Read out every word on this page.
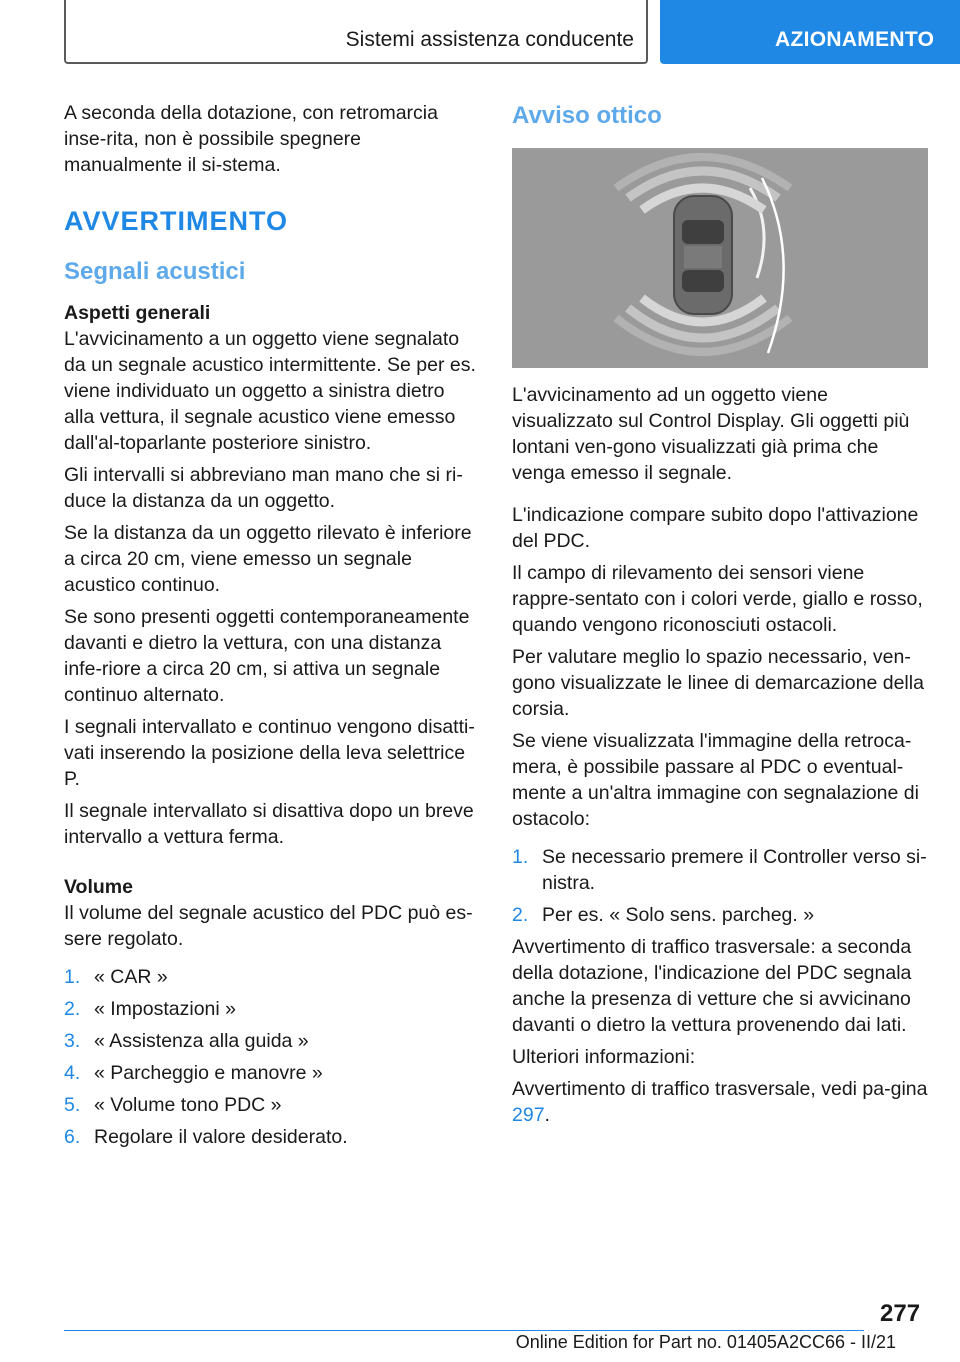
Sistemi assistenza conducente	AZIONAMENTO

A seconda della dotazione, con retromarcia inse-rita, non è possibile spegnere manualmente il si-stema.

AVVERTIMENTO
Segnali acustici
Aspetti generali

L'avvicinamento a un oggetto viene segnalato da un segnale acustico intermittente. Se per es. viene individuato un oggetto a sinistra dietro alla vettura, il segnale acustico viene emesso dall'al-toparlante posteriore sinistro.

Gli intervalli si abbreviano man mano che si ri-duce la distanza da un oggetto.

Se la distanza da un oggetto rilevato è inferiore a circa 20 cm, viene emesso un segnale acustico continuo.

Se sono presenti oggetti contemporaneamente davanti e dietro la vettura, con una distanza infe-riore a circa 20 cm, si attiva un segnale continuo alternato.

I segnali intervallato e continuo vengono disatti-vati inserendo la posizione della leva selettrice P.

Il segnale intervallato si disattiva dopo un breve intervallo a vettura ferma.

Volume

Il volume del segnale acustico del PDC può es-sere regolato.

1. « CAR »
2. « Impostazioni »
3. « Assistenza alla guida »
4. « Parcheggio e manovre »
5. « Volume tono PDC »
6. Regolare il valore desiderato.
Avviso ottico

L'avvicinamento ad un oggetto viene visualizzato sul Control Display. Gli oggetti più lontani ven-gono visualizzati già prima che venga emesso il segnale.

L'indicazione compare subito dopo l'attivazione del PDC.

Il campo di rilevamento dei sensori viene rappre-sentato con i colori verde, giallo e rosso, quando vengono riconosciuti ostacoli.

Per valutare meglio lo spazio necessario, ven-gono visualizzate le linee di demarcazione della corsia.

Se viene visualizzata l'immagine della retroca-mera, è possibile passare al PDC o eventual-mente a un'altra immagine con segnalazione di ostacolo:

1. Se necessario premere il Controller verso si-nistra.
2. Per es. « Solo sens. parcheg. »

Avvertimento di traffico trasversale: a seconda della dotazione, l'indicazione del PDC segnala anche la presenza di vetture che si avvicinano davanti o dietro la vettura provenendo dai lati.

Ulteriori informazioni:

Avvertimento di traffico trasversale, vedi pa-gina 297.

277
Online Edition for Part no. 01405A2CC66 - II/21
